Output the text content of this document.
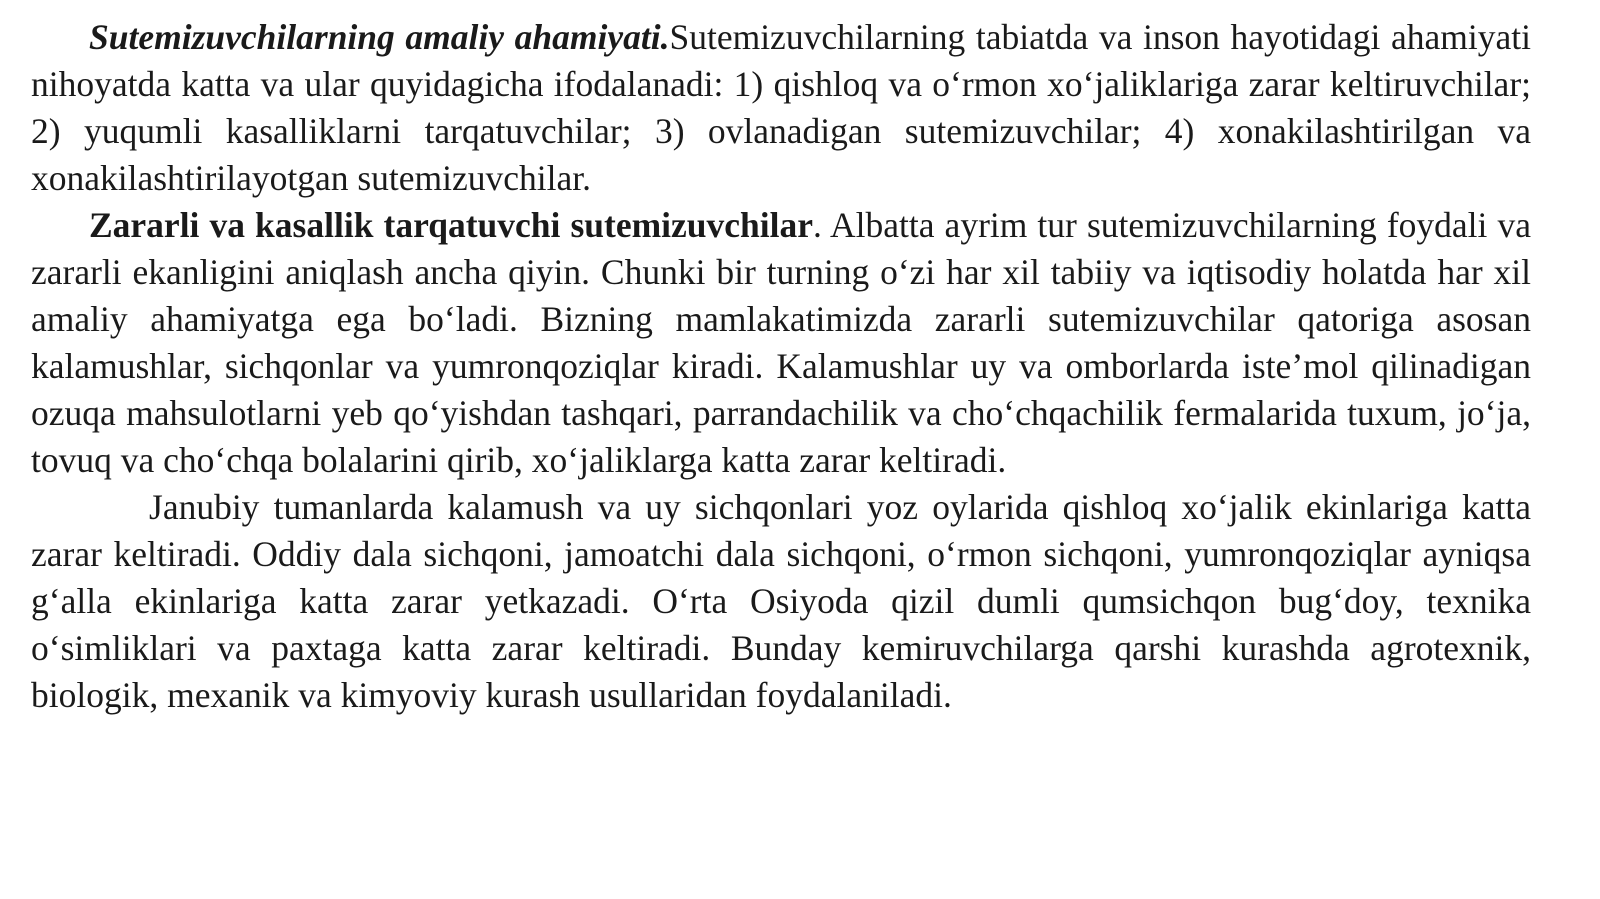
Sutemizuvchilarning amaliy ahamiyati.Sutemizuvchilarning tabiatda va inson hayotidagi ahamiyati nihoyatda katta va ular quyidagicha ifodalanadi: 1) qishloq va o‘rmon xo‘jaliklariga zarar keltiruvchilar; 2) yuqumli kasalliklarni tarqatuvchilar; 3) ovlanadigan sutemizuvchilar; 4) xonakilashtirilgan va xonakilashtirilayotgan sutemizuvchilar.

Zararli va kasallik tarqatuvchi sutemizuvchilar. Albatta ayrim tur sutemizuvchilarning foydali va zararli ekanligini aniqlash ancha qiyin. Chunki bir turning o‘zi har xil tabiiy va iqtisodiy holatda har xil amaliy ahamiyatga ega bo‘ladi. Bizning mamlakatimizda zararli sutemizuvchilar qatoriga asosan kalamushlar, sichqonlar va yumronqoziqlar kiradi. Kalamushlar uy va omborlarda iste’mol qilinadigan ozuqa mahsulotlarni yeb qo‘yishdan tashqari, parrandachilik va cho‘chqachilik fermalarida tuxum, jo‘ja, tovuq va cho‘chqa bolalarini qirib, xo‘jaliklarga katta zarar keltiradi.

Janubiy tumanlarda kalamush va uy sichqonlari yoz oylarida qishloq xo‘jalik ekinlariga katta zarar keltiradi. Oddiy dala sichqoni, jamoatchi dala sichqoni, o‘rmon sichqoni, yumronqoziqlar ayniqsa g‘alla ekinlariga katta zarar yetkazadi. O‘rta Osiyoda qizil dumli qumsichqon bug‘doy, texnika o‘simliklari va paxtaga katta zarar keltiradi. Bunday kemiruvchilarga qarshi kurashda agrotexnik, biologik, mexanik va kimyoviy kurash usullaridan foydalaniladi.
